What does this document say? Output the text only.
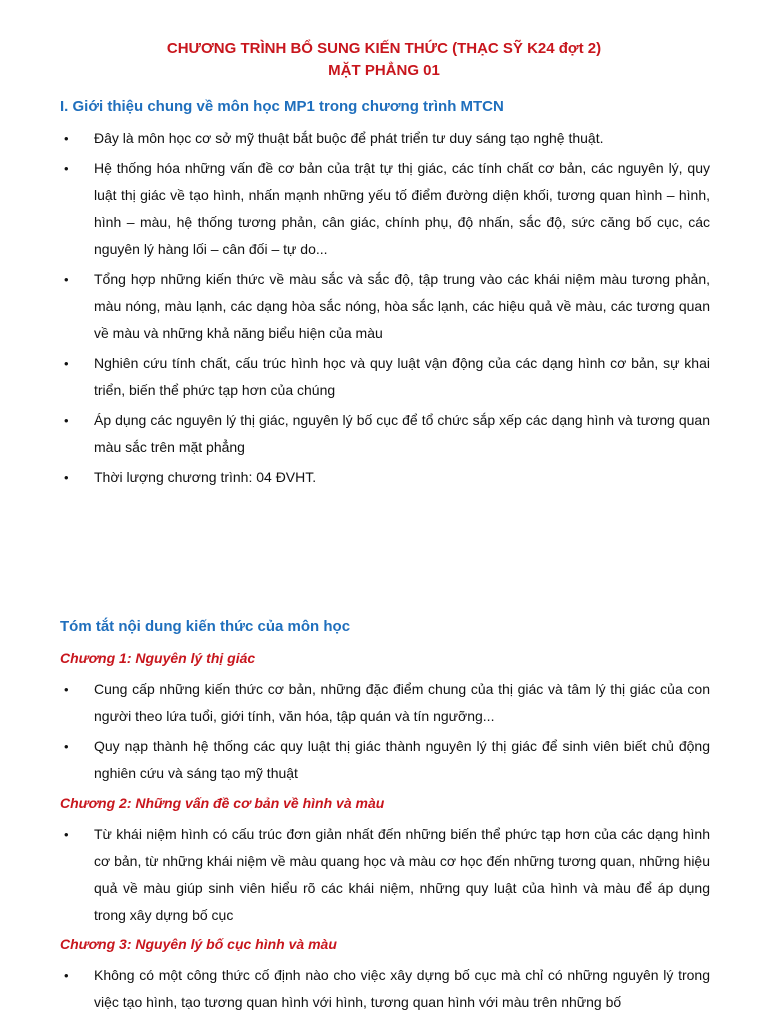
CHƯƠNG TRÌNH BỔ SUNG KIẾN THỨC (THẠC SỸ K24 đợt 2)
MẶT PHẲNG 01
I. Giới thiệu chung về môn học MP1 trong chương trình MTCN
• Đây là môn học cơ sở mỹ thuật bắt buộc để phát triển tư duy sáng tạo nghệ thuật.
• Hệ thống hóa những vấn đề cơ bản của trật tự thị giác, các tính chất cơ bản, các nguyên lý, quy luật thị giác về tạo hình, nhấn mạnh những yếu tố điểm đường diện khối, tương quan hình – hình, hình – màu, hệ thống tương phản, cân giác, chính phụ, độ nhấn, sắc độ, sức căng bố cục, các nguyên lý hàng lối – cân đối – tự do...
• Tổng hợp những kiến thức về màu sắc và sắc độ, tập trung vào các khái niệm màu tương phản, màu nóng, màu lạnh, các dạng hòa sắc nóng, hòa sắc lạnh, các hiệu quả về màu, các tương quan về màu và những khả năng biểu hiện của màu
• Nghiên cứu tính chất, cấu trúc hình học và quy luật vận động của các dạng hình cơ bản, sự khai triển, biến thể phức tạp hơn của chúng
• Áp dụng các nguyên lý thị giác, nguyên lý bố cục để tổ chức sắp xếp các dạng hình và tương quan màu sắc trên mặt phẳng
• Thời lượng chương trình: 04 ĐVHT.
Tóm tắt nội dung kiến thức của môn học
Chương 1: Nguyên lý thị giác
• Cung cấp những kiến thức cơ bản, những đặc điểm chung của thị giác và tâm lý thị giác của con người theo lứa tuổi, giới tính, văn hóa, tập quán và tín ngưỡng...
• Quy nạp thành hệ thống các quy luật thị giác thành nguyên lý thị giác để sinh viên biết chủ động nghiên cứu và sáng tạo mỹ thuật
Chương 2: Những vấn đề cơ bản về hình và màu
• Từ khái niệm hình có cấu trúc đơn giản nhất đến những biến thể phức tạp hơn của các dạng hình cơ bản, từ những khái niệm về màu quang học và màu cơ học đến những tương quan, những hiệu quả về màu giúp sinh viên hiểu rõ các khái niệm, những quy luật của hình và màu để áp dụng trong xây dựng bố cục
Chương 3: Nguyên lý bố cục hình và màu
• Không có một công thức cố định nào cho việc xây dựng bố cục mà chỉ có những nguyên lý trong việc tạo hình, tạo tương quan hình với hình, tương quan hình với màu trên những bố
